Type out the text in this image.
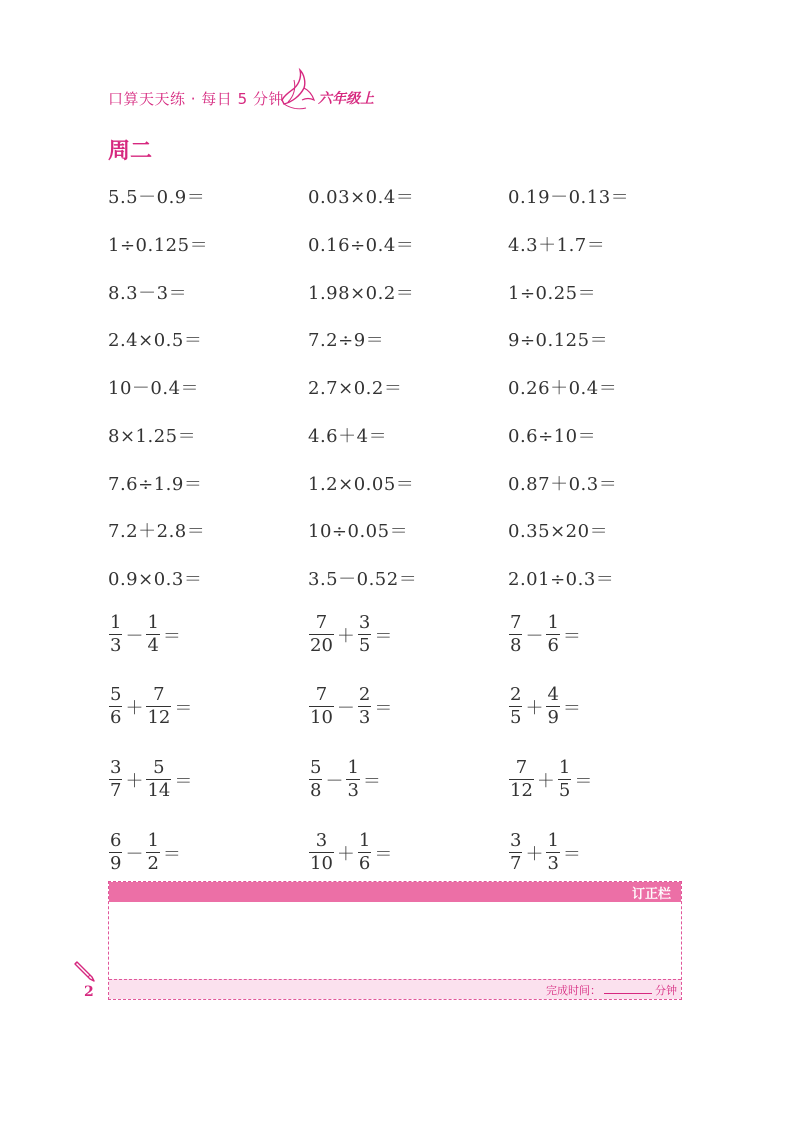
口算天天练 · 每日 5 分钟 六年级上
周二
5.5－0.9＝	0.03×0.4＝	0.19－0.13＝
1÷0.125＝	0.16÷0.4＝	4.3＋1.7＝
8.3－3＝	1.98×0.2＝	1÷0.25＝
2.4×0.5＝	7.2÷9＝	9÷0.125＝
10－0.4＝	2.7×0.2＝	0.26＋0.4＝
8×1.25＝	4.6＋4＝	0.6÷10＝
7.6÷1.9＝	1.2×0.05＝	0.87＋0.3＝
7.2＋2.8＝	10÷0.05＝	0.35×20＝
0.9×0.3＝	3.5－0.52＝	2.01÷0.3＝
$\frac{1}{3} - \frac{1}{4}$ ＝	$\frac{7}{20} + \frac{3}{5}$ ＝	$\frac{7}{8} - \frac{1}{6}$ ＝
$\frac{5}{6} + \frac{7}{12}$ ＝	$\frac{7}{10} - \frac{2}{3}$ ＝	$\frac{2}{5} + \frac{4}{9}$ ＝
$\frac{3}{7} + \frac{5}{14}$ ＝	$\frac{5}{8} - \frac{1}{3}$ ＝	$\frac{7}{12} + \frac{1}{5}$ ＝
$\frac{6}{9} - \frac{1}{2}$ ＝	$\frac{3}{10} + \frac{1}{6}$ ＝	$\frac{3}{7} + \frac{1}{3}$ ＝
订正栏
完成时间：	分钟
2
